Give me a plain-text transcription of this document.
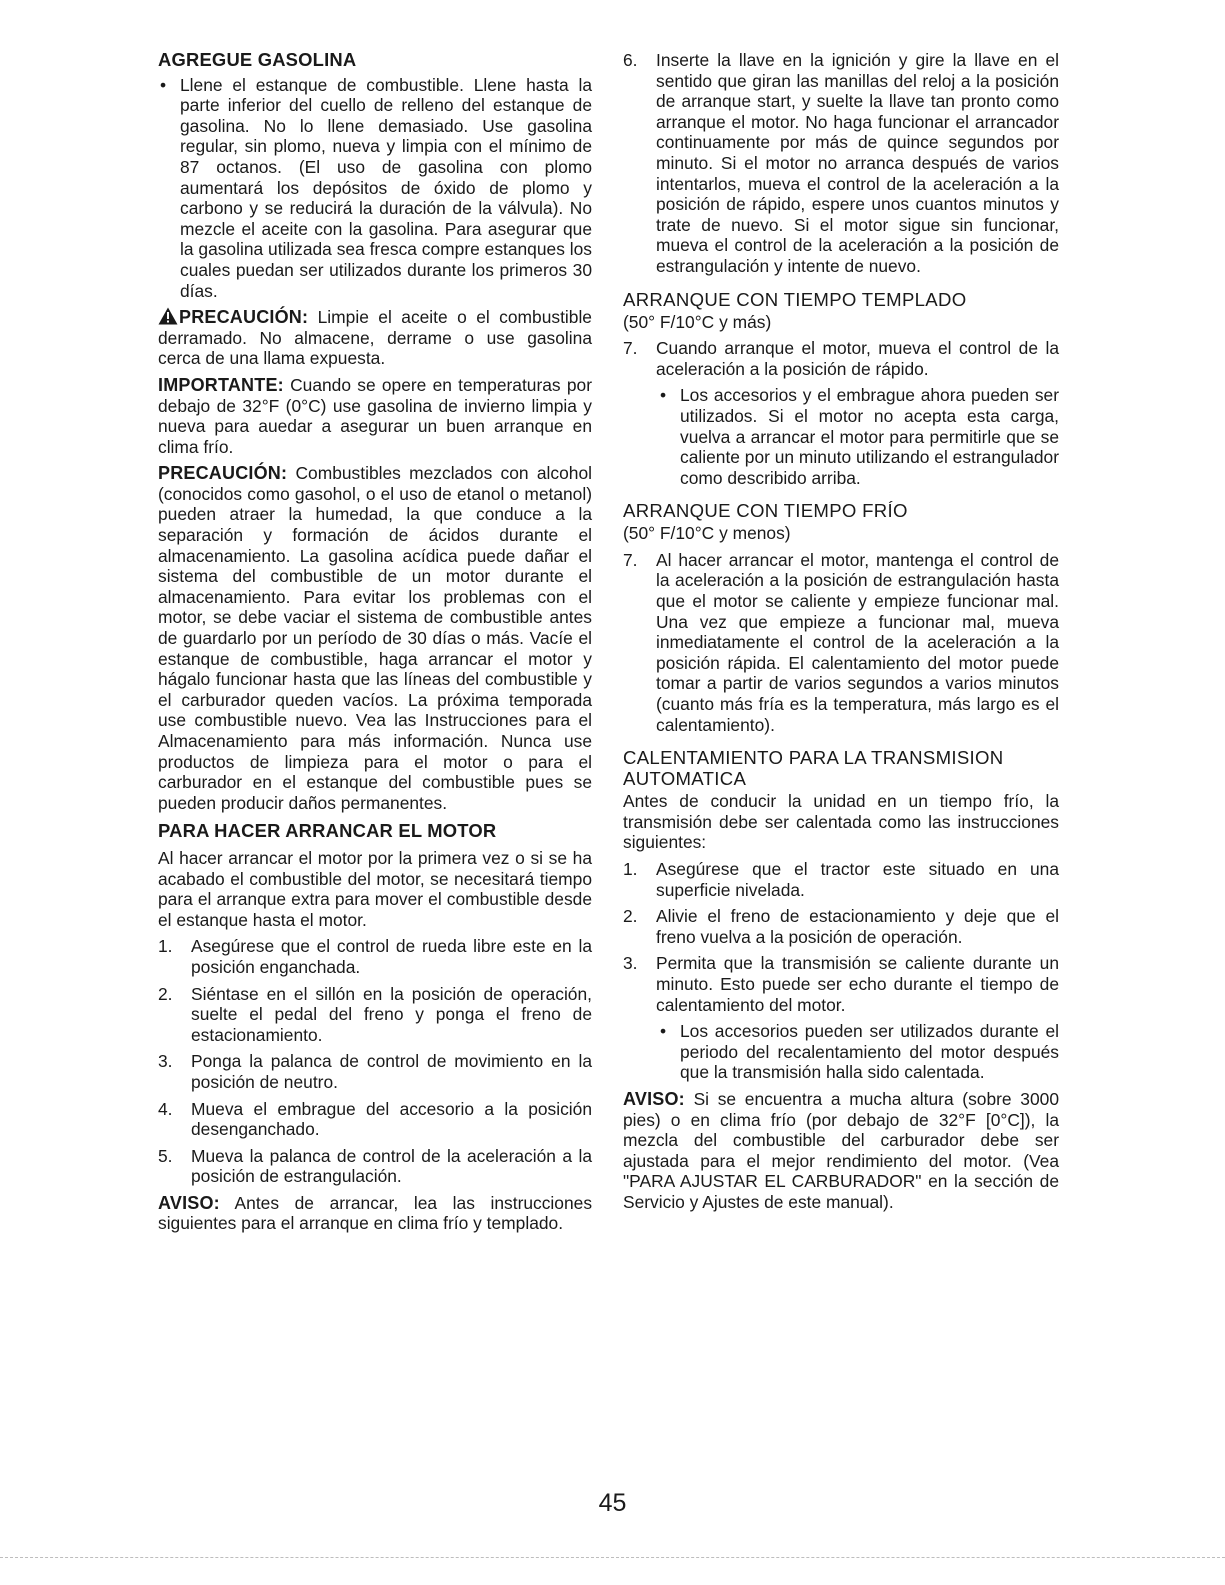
AGREGUE GASOLINA
• Llene el estanque de combustible. Llene hasta la parte inferior del cuello de relleno del estanque de gasolina. No lo llene demasiado. Use gasolina regular, sin plomo, nueva y limpia con el mínimo de 87 octanos. (El uso de gasolina con plomo aumentará los depósitos de óxido de plomo y carbono y se reducirá la duración de la válvula). No mezcle el aceite con la gasolina. Para asegurar que la gasolina utilizada sea fresca compre estanques los cuales puedan ser utilizados durante los primeros 30 días.

PRECAUCIÓN: Limpie el aceite o el combustible derramado. No almacene, derrame o use gasolina cerca de una llama expuesta.

IMPORTANTE: Cuando se opere en temperaturas por debajo de 32°F (0°C) use gasolina de invierno limpia y nueva para auedar a asegurar un buen arranque en clima frío.

PRECAUCIÓN: Combustibles mezclados con alcohol (conocidos como gasohol, o el uso de etanol o metanol) pueden atraer la humedad, la que conduce a la separación y formación de ácidos durante el almacenamiento. La gasolina acídica puede dañar el sistema del combustible de un motor durante el almacenamiento. Para evitar los problemas con el motor, se debe vaciar el sistema de combustible antes de guardarlo por un período de 30 días o más. Vacíe el estanque de combustible, haga arrancar el motor y hágalo funcionar hasta que las líneas del combustible y el carburador queden vacíos. La próxima temporada use combustible nuevo. Vea las Instrucciones para el Almacenamiento para más información. Nunca use productos de limpieza para el motor o para el carburador en el estanque del combustible pues se pueden producir daños permanentes.

PARA HACER ARRANCAR EL MOTOR

Al hacer arrancar el motor por la primera vez o si se ha acabado el combustible del motor, se necesitará tiempo para el arranque extra para mover el combustible desde el estanque hasta el motor.

1. Asegúrese que el control de rueda libre este en la posición enganchada.
2. Siéntase en el sillón en la posición de operación, suelte el pedal del freno y ponga el freno de estacionamiento.
3. Ponga la palanca de control de movimiento en la posición de neutro.
4. Mueva el embrague del accesorio a la posición desenganchado.
5. Mueva la palanca de control de la aceleración a la posición de estrangulación.

AVISO: Antes de arrancar, lea las instrucciones siguientes para el arranque en clima frío y templado.

6. Inserte la llave en la ignición y gire la llave en el sentido que giran las manillas del reloj a la posición de arranque start, y suelte la llave tan pronto como arranque el motor. No haga funcionar el arrancador continuamente por más de quince segundos por minuto. Si el motor no arranca después de varios intentarlos, mueva el control de la aceleración a la posición de rápido, espere unos cuantos minutos y trate de nuevo. Si el motor sigue sin funcionar, mueva el control de la aceleración a la posición de estrangulación y intente de nuevo.
ARRANQUE CON TIEMPO TEMPLADO
(50° F/10°C y más)
7. Cuando arranque el motor, mueva el control de la aceleración a la posición de rápido.
• Los accesorios y el embrague ahora pueden ser utilizados. Si el motor no acepta esta carga, vuelva a arrancar el motor para permitirle que se caliente por un minuto utilizando el estrangulador como describido arriba.
ARRANQUE CON TIEMPO FRÍO
(50° F/10°C y menos)
7. Al hacer arrancar el motor, mantenga el control de la aceleración a la posición de estrangulación hasta que el motor se caliente y empieze funcionar mal. Una vez que empieze a funcionar mal, mueva inmediatamente el control de la aceleración a la posición rápida. El calentamiento del motor puede tomar a partir de varios segundos a varios minutos (cuanto más fría es la temperatura, más largo es el calentamiento).
CALENTAMIENTO PARA LA TRANSMISION AUTOMATICA

Antes de conducir la unidad en un tiempo frío, la transmisión debe ser calentada como las instrucciones siguientes:

1. Asegúrese que el tractor este situado en una superficie nivelada.
2. Alivie el freno de estacionamiento y deje que el freno vuelva a la posición de operación.
3. Permita que la transmisión se caliente durante un minuto. Esto puede ser echo durante el tiempo de calentamiento del motor.
• Los accesorios pueden ser utilizados durante el periodo del recalentamiento del motor después que la transmisión halla sido calentada.

AVISO: Si se encuentra a mucha altura (sobre 3000 pies) o en clima frío (por debajo de 32°F [0°C]), la mezcla del combustible del carburador debe ser ajustada para el mejor rendimiento del motor. (Vea "PARA AJUSTAR EL CARBURADOR" en la sección de Servicio y Ajustes de este manual).

45
